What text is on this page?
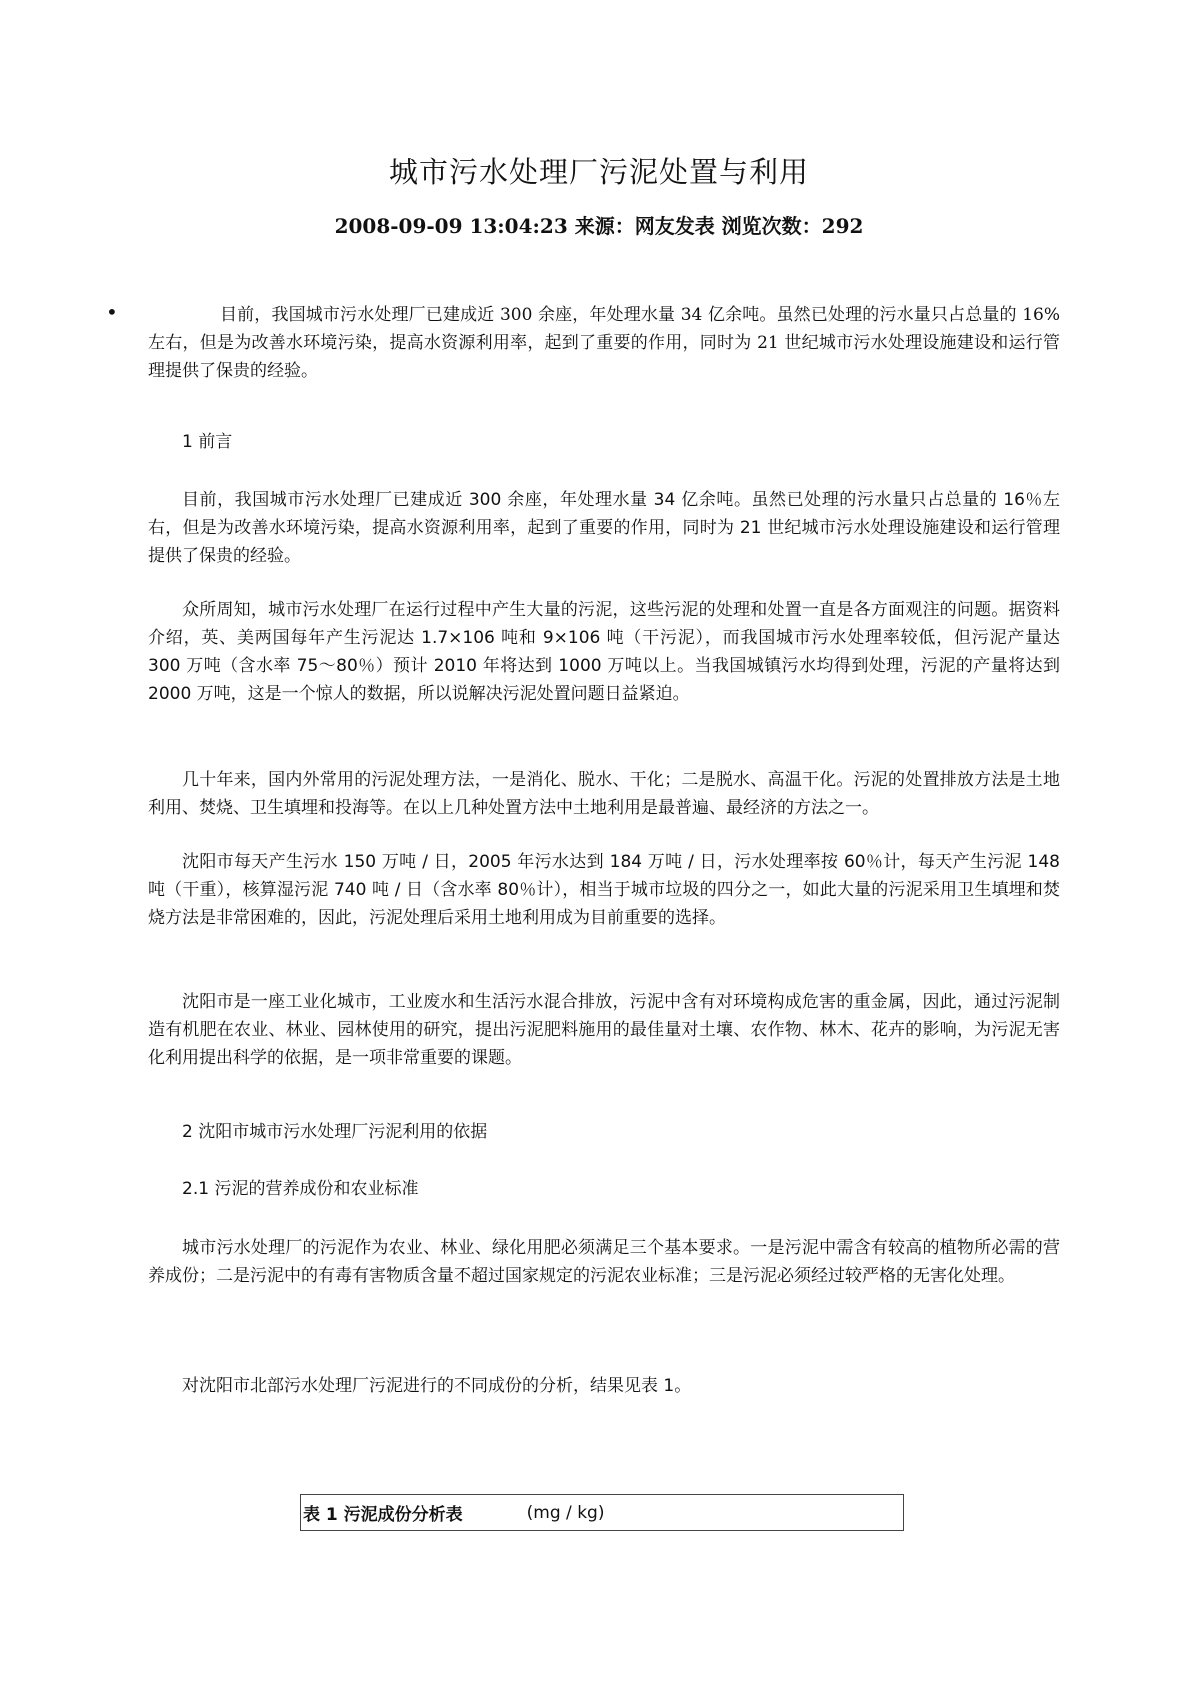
城市污水处理厂污泥处置与利用
2008-09-09 13:04:23 来源：网友发表 浏览次数：292
•	目前，我国城市污水处理厂已建成近 300 余座，年处理水量 34 亿余吨。虽然已处理的污水量只占总量的 16%左右，但是为改善水环境污染，提高水资源利用率，起到了重要的作用，同时为 21 世纪城市污水处理设施建设和运行管理提供了保贵的经验。
1 前言
目前，我国城市污水处理厂已建成近 300 余座，年处理水量 34 亿余吨。虽然已处理的污水量只占总量的 16％左右，但是为改善水环境污染，提高水资源利用率，起到了重要的作用，同时为 21 世纪城市污水处理设施建设和运行管理提供了保贵的经验。
众所周知，城市污水处理厂在运行过程中产生大量的污泥，这些污泥的处理和处置一直是各方面观注的问题。据资料介绍，英、美两国每年产生污泥达 1.7×106 吨和 9×106 吨（干污泥），而我国城市污水处理率较低，但污泥产量达 300 万吨（含水率 75～80％）预计 2010 年将达到 1000 万吨以上。当我国城镇污水均得到处理，污泥的产量将达到 2000 万吨，这是一个惊人的数据，所以说解决污泥处置问题日益紧迫。
几十年来，国内外常用的污泥处理方法，一是消化、脱水、干化；二是脱水、高温干化。污泥的处置排放方法是土地利用、焚烧、卫生填埋和投海等。在以上几种处置方法中土地利用是最普遍、最经济的方法之一。
沈阳市每天产生污水 150 万吨 / 日，2005 年污水达到 184 万吨 / 日，污水处理率按 60％计，每天产生污泥 148 吨（干重），核算湿污泥 740 吨 / 日（含水率 80％计），相当于城市垃圾的四分之一，如此大量的污泥采用卫生填埋和焚烧方法是非常困难的，因此，污泥处理后采用土地利用成为目前重要的选择。
沈阳市是一座工业化城市，工业废水和生活污水混合排放，污泥中含有对环境构成危害的重金属，因此，通过污泥制造有机肥在农业、林业、园林使用的研究，提出污泥肥料施用的最佳量对土壤、农作物、林木、花卉的影响，为污泥无害化利用提出科学的依据，是一项非常重要的课题。
2 沈阳市城市污水处理厂污泥利用的依据
2.1 污泥的营养成份和农业标准
城市污水处理厂的污泥作为农业、林业、绿化用肥必须满足三个基本要求。一是污泥中需含有较高的植物所必需的营养成份；二是污泥中的有毒有害物质含量不超过国家规定的污泥农业标准；三是污泥必须经过较严格的无害化处理。
对沈阳市北部污水处理厂污泥进行的不同成份的分析，结果见表 1。
表 1 污泥成份分析表	(mg / kg)
